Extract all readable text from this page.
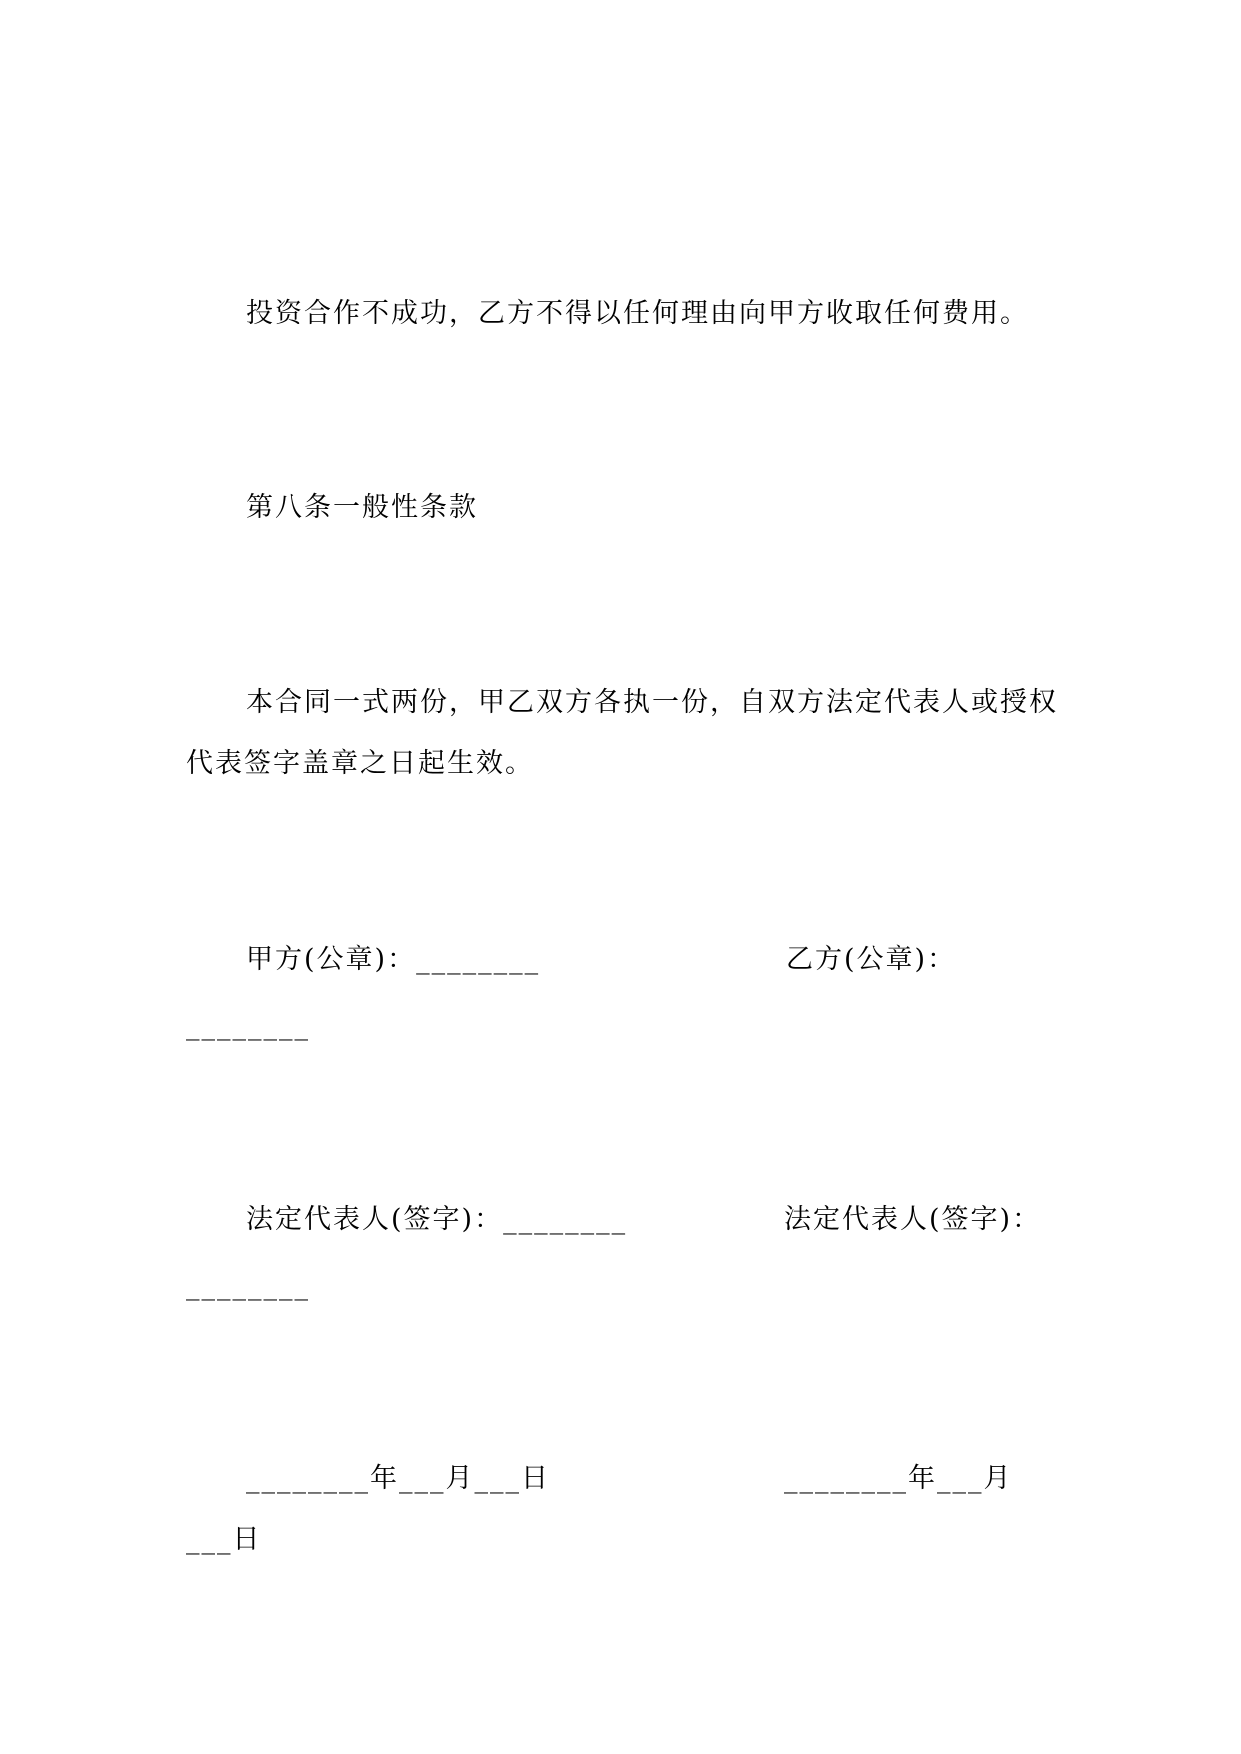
投资合作不成功，乙方不得以任何理由向甲方收取任何费用。
第八条一般性条款
本合同一式两份，甲乙双方各执一份，自双方法定代表人或授权
代表签字盖章之日起生效。
甲方(公章)：________	乙方(公章)：
________
法定代表人(签字)：________	法定代表人(签字)：
________
________年___月___日	________年___月
___日
